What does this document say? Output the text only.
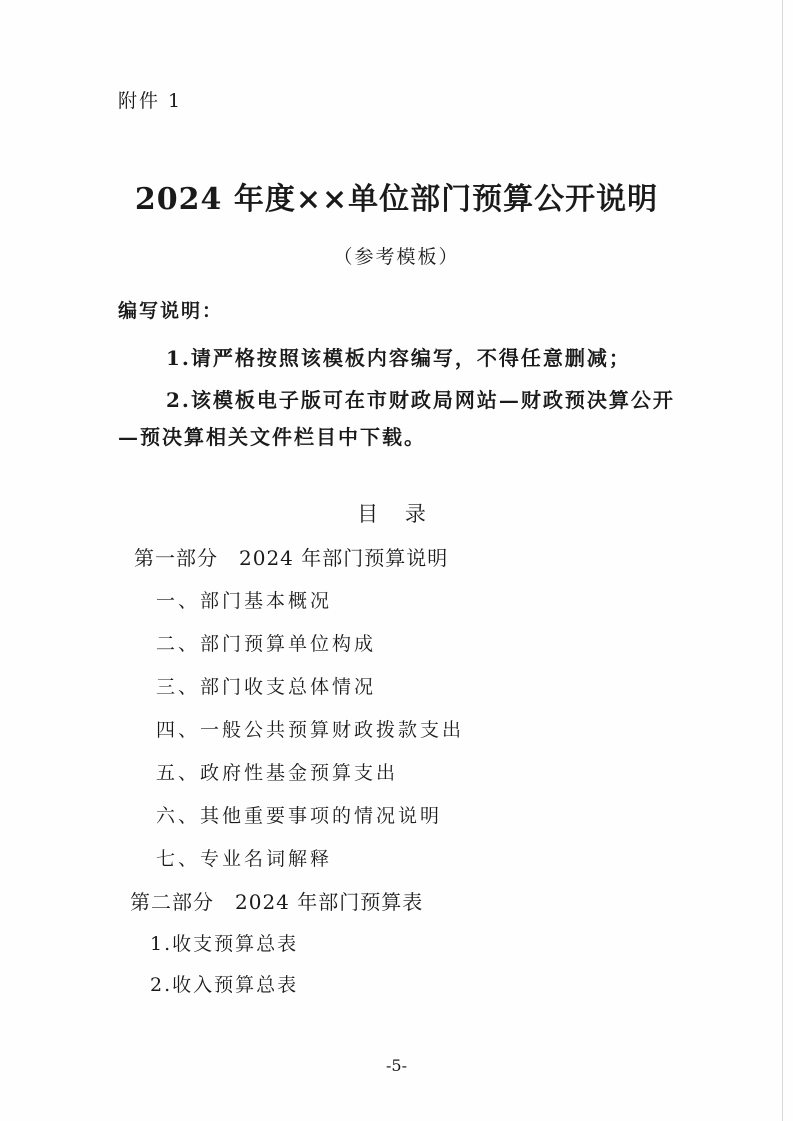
附件 1
2024 年度××单位部门预算公开说明
（参考模板）
编写说明：
1.请严格按照该模板内容编写，不得任意删减；
2.该模板电子版可在市财政局网站—财政预决算公开
—预决算相关文件栏目中下载。
目 录
第一部分　2024 年部门预算说明
一、部门基本概况
二、部门预算单位构成
三、部门收支总体情况
四、一般公共预算财政拨款支出
五、政府性基金预算支出
六、其他重要事项的情况说明
七、专业名词解释
第二部分　2024 年部门预算表
1.收支预算总表
2.收入预算总表
-5-
